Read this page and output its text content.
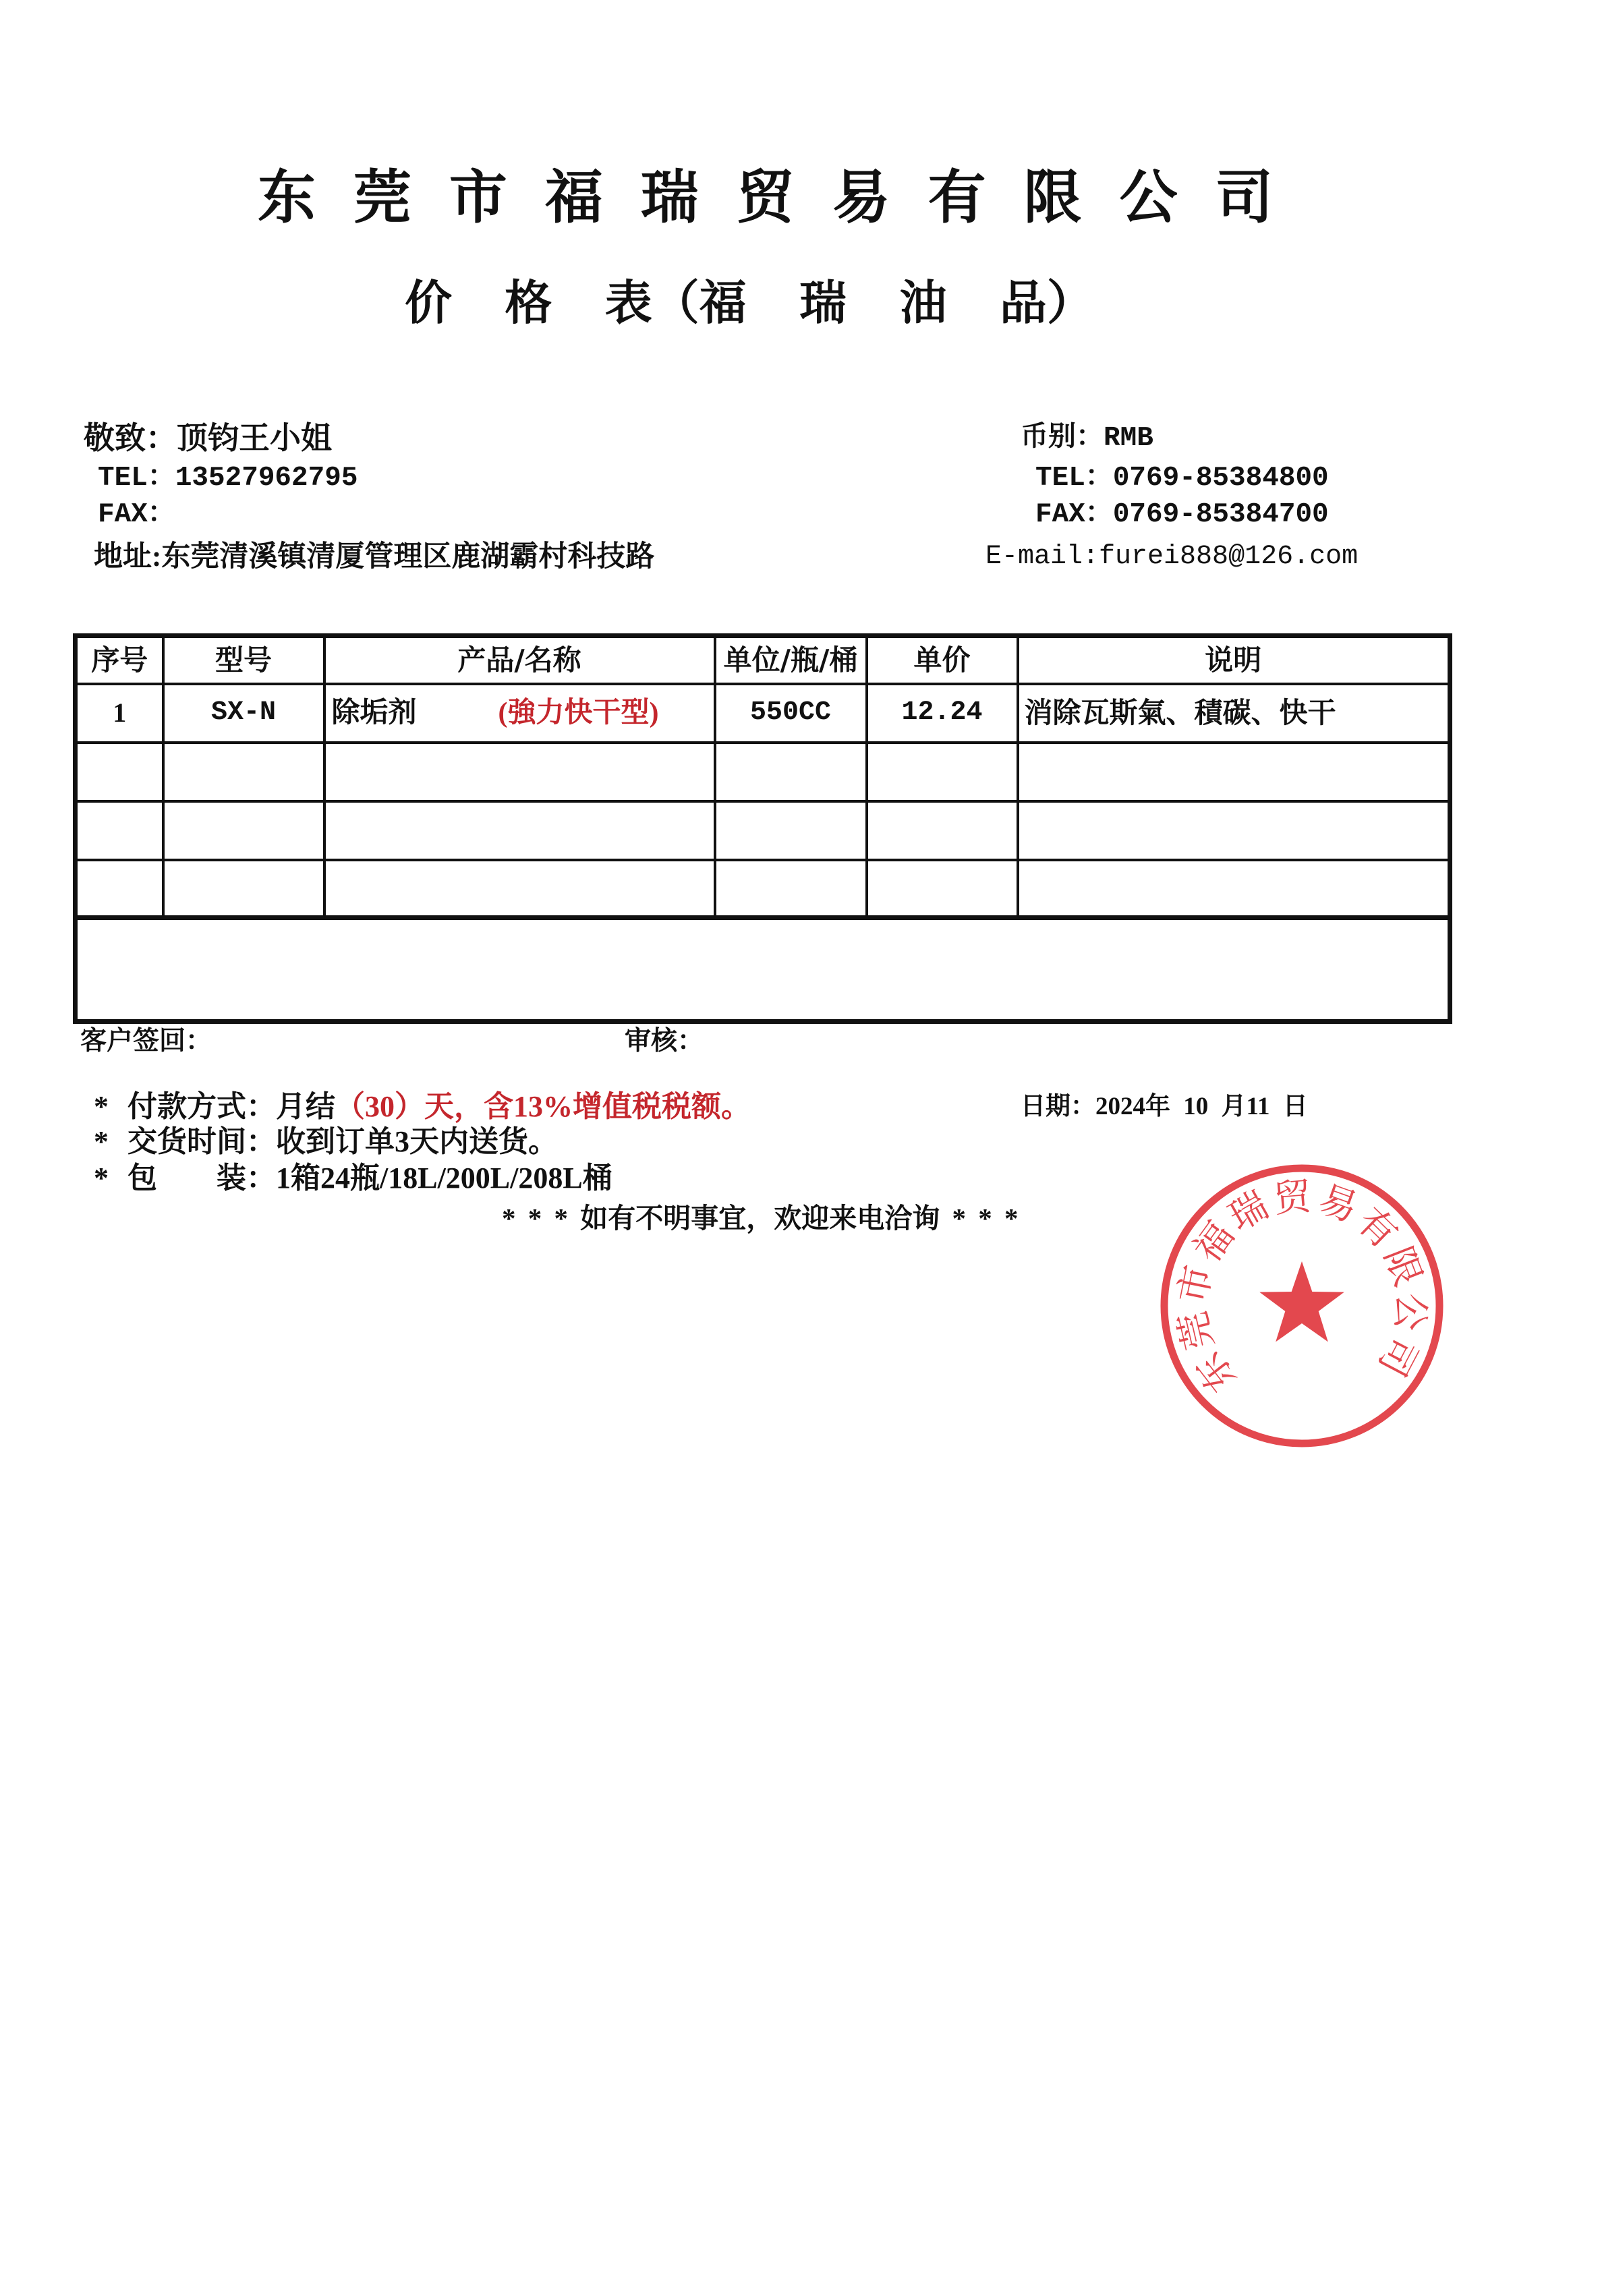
东 莞 市 福 瑞 贸 易 有 限 公 司
价 格 表（福 瑞 油 品）
敬致：顶钧王小姐
TEL：13527962795
FAX：
地址:东莞清溪镇清厦管理区鹿湖霸村科技路
币别：RMB
TEL：0769-85384800
FAX：0769-85384700
E-mail:furei888@126.com
序号	型号	产品/名称	单位/瓶/桶	单价	说明
1	SX-N	除垢剂 (強力快干型)	550CC	12.24	消除瓦斯氣、積碳、快干

客户签回：	审核：
* 付款方式：月结（30）天，含13%增值税税额。
* 交货时间：收到订单3天内送货。
* 包　　装：1箱24瓶/18L/200L/208L桶
日期：2024年 10 月11 日
* * * 如有不明事宜，欢迎来电洽询 * * *
东莞市福瑞贸易有限公司
